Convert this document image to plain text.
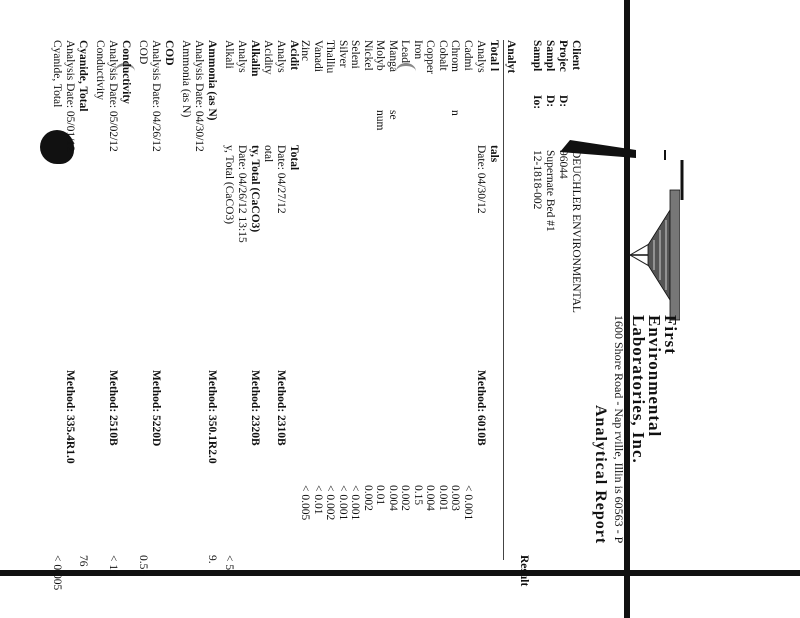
First
Environmental
Laboratories, Inc.
1600 Shore Road - Nap rville, Illin is 60563 - P
Analytical Report
Client
Projec
Sampl
Sampl
D:
D:
Io:
DEUCHLER ENVIRONMENTAL
96044
Supernate Bed #1
12-1818-002
Analyt
Result
Total l
tals
Analys
Date: 04/30/12
Method: 6010B
Cadmi
< 0.001
Chrom
n
0.003
Cobalt
0.001
Copper
0.004
Iron
0.15
Lead
0.002
Manga
se
0.004
Molyb
num
0.01
Nickel
0.002
Seleni
< 0.001
Silver
< 0.001
Thalliu
< 0.002
Vanadi
< 0.01
Zinc
< 0.005
Acidit
Total
Analys
Date: 04/27/12
Method: 2310B
Acidity
otal
Alkalin
ty, Total (CaCO3)
Analys
Date: 04/26/12 13:15
Method: 2320B
Alkali
y, Total (CaCO3)
< 5
Ammonia (as N)
Analysis Date: 04/30/12
Method: 350.1R2.0
Ammonia (as N)
9.
COD
Analysis Date: 04/26/12
Method: 5220D
COD
0.55
Conductivity
Analysis Date: 05/02/12
Method: 2510B
Conductivity
< 10
Cyanide, Total
Analysis Date: 05/01/12
Method: 335.4R1.0
Cyanide, Total
76
< 0.005
